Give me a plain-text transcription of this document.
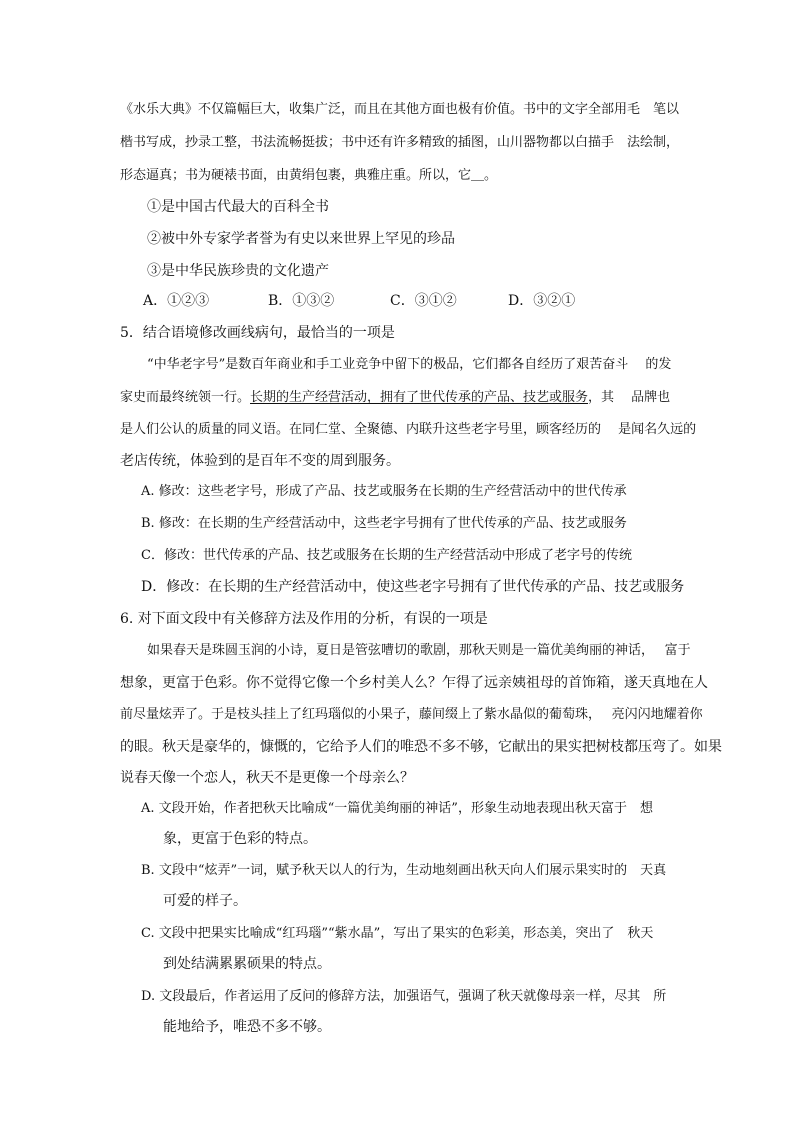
《水乐大典》不仅篇幅巨大，收集广泛，而且在其他方面也极有价值。书中的文字全部用毛　笔以
楷书写成，抄录工整，书法流畅挺拔；书中还有许多精致的插图，山川器物都以白描手　法绘制，
形态逼真；书为硬裱书面，由黄绢包裹，典雅庄重。所以，它＿。
①是中国古代最大的百科全书
②被中外专家学者誉为有史以来世界上罕见的珍品
③是中华民族珍贵的文化遗产
A．①②③	B．①③②	C．③①②	D．③②①
5．结合语境修改画线病句，最恰当的一项是
“中华老字号”是数百年商业和手工业竞争中留下的极品，它们都各自经历了艰苦奋斗　 的发
家史而最终统领一行。长期的生产经营活动，拥有了世代传承的产品、技艺或服务，其　 品牌也
是人们公认的质量的同义语。在同仁堂、全聚德、内联升这些老字号里，顾客经历的　 是闻名久远的
老店传统，体验到的是百年不变的周到服务。
A. 修改：这些老字号，形成了产品、技艺或服务在长期的生产经营活动中的世代传承
B. 修改：在长期的生产经营活动中，这些老字号拥有了世代传承的产品、技艺或服务
C．修改：世代传承的产品、技艺或服务在长期的生产经营活动中形成了老字号的传统
D．修改：在长期的生产经营活动中，使这些老字号拥有了世代传承的产品、技艺或服务
6. 对下面文段中有关修辞方法及作用的分析，有误的一项是
如果春天是珠圆玉润的小诗，夏日是管弦嘈切的歌剧，那秋天则是一篇优美绚丽的神话，　 富于
想象，更富于色彩。你不觉得它像一个乡村美人么？乍得了远亲姨祖母的首饰箱，遂天真地在人
前尽量炫弄了。于是枝头挂上了红玛瑙似的小果子，藤间缀上了紫水晶似的葡萄珠，　 亮闪闪地耀着你
的眼。秋天是豪华的，慷慨的，它给予人们的唯恐不多不够，它献出的果实把树枝都压弯了。如果
说春天像一个恋人，秋天不是更像一个母亲么？
A. 文段开始，作者把秋天比喻成“一篇优美绚丽的神话”，形象生动地表现出秋天富于　想
象，更富于色彩的特点。
B. 文段中“炫弄”一词，赋予秋天以人的行为，生动地刻画出秋天向人们展示果实时的　天真
可爱的样子。
C. 文段中把果实比喻成“红玛瑙”“紫水晶”，写出了果实的色彩美，形态美，突出了　秋天
到处结满累累硕果的特点。
D. 文段最后，作者运用了反问的修辞方法，加强语气，强调了秋天就像母亲一样，尽其　所
能地给予，唯恐不多不够。
